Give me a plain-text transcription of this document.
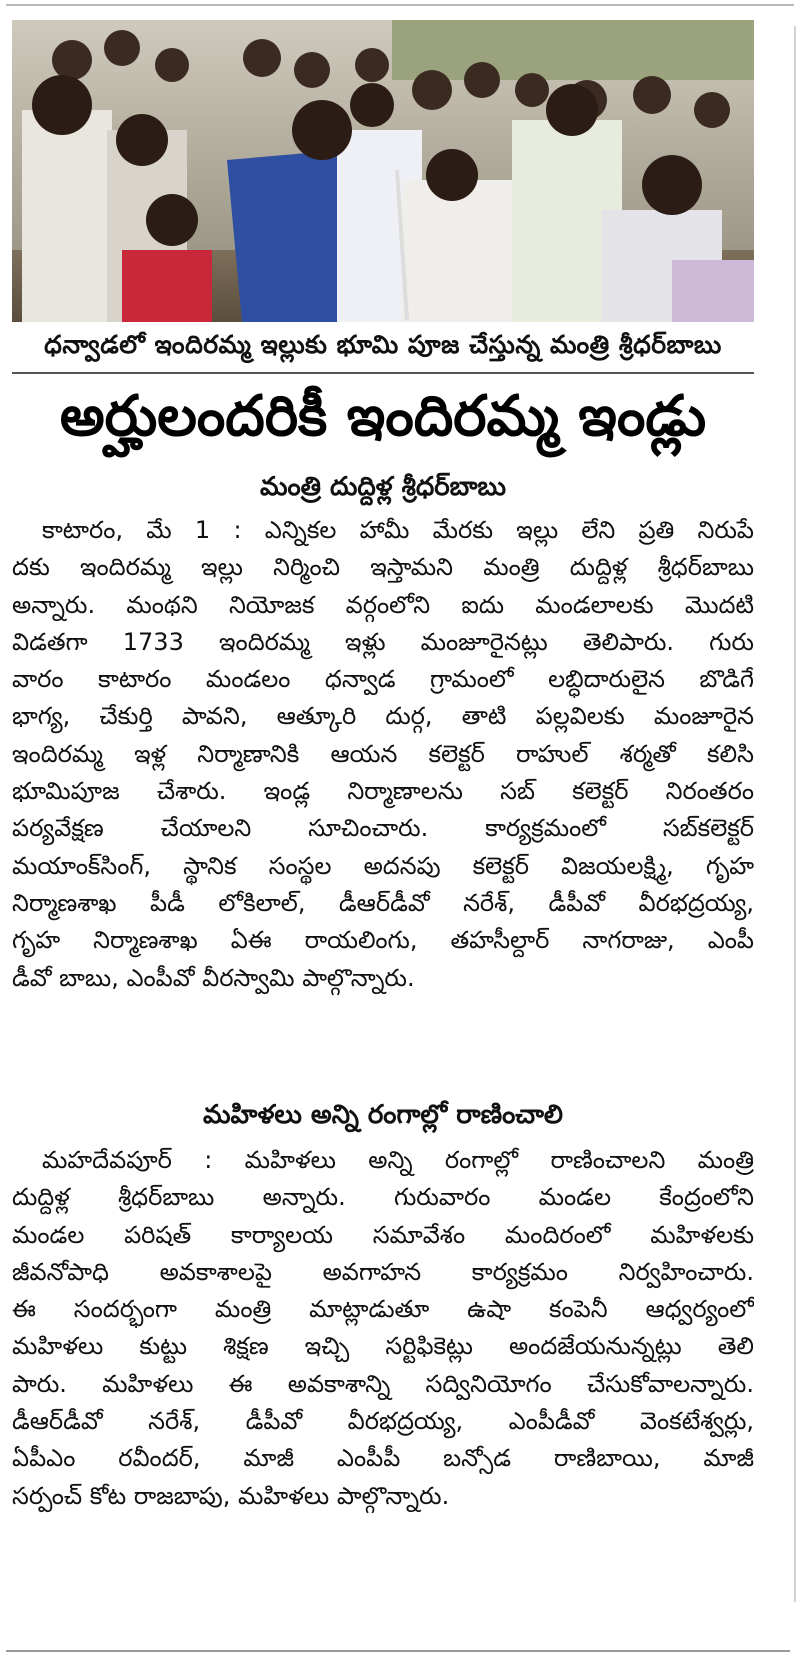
ధన్వాడలో ఇందిరమ్మ ఇల్లుకు భూమి పూజ చేస్తున్న మంత్రి శ్రీధర్‌బాబు
అర్హులందరికీ ఇందిరమ్మ ఇండ్లు
మంత్రి దుద్దిళ్ల శ్రీధర్‌బాబు
కాటారం, మే 1 : ఎన్నికల హామీ మేరకు ఇల్లు లేని ప్రతి నిరుపే
దకు ఇందిరమ్మ ఇల్లు నిర్మించి ఇస్తామని మంత్రి దుద్దిళ్ల శ్రీధర్‌బాబు
అన్నారు. మంథని నియోజక వర్గంలోని ఐదు మండలాలకు మొదటి
విడతగా 1733 ఇందిరమ్మ ఇళ్లు మంజూరైనట్లు తెలిపారు. గురు
వారం కాటారం మండలం ధన్వాడ గ్రామంలో లబ్ధిదారులైన బొడిగే
భాగ్య, చేకుర్తి పావని, ఆత్కూరి దుర్గ, తాటి పల్లవిలకు మంజూరైన
ఇందిరమ్మ ఇళ్ల నిర్మాణానికి ఆయన కలెక్టర్ రాహుల్ శర్మతో కలిసి
భూమిపూజ చేశారు. ఇండ్ల నిర్మాణాలను సబ్ కలెక్టర్ నిరంతరం
పర్యవేక్షణ చేయాలని సూచించారు. కార్యక్రమంలో సబ్‌కలెక్టర్
మయాంక్‌సింగ్, స్థానిక సంస్థల అదనపు కలెక్టర్ విజయలక్ష్మి, గృహ
నిర్మాణశాఖ పీడీ లోకిలాల్, డీఆర్‌డీవో నరేశ్, డీపీవో వీరభద్రయ్య,
గృహ నిర్మాణశాఖ ఏఈ రాయలింగు, తహసీల్దార్ నాగరాజు, ఎంపీ
డీవో బాబు, ఎంపీవో వీరస్వామి పాల్గొన్నారు.
మహిళలు అన్ని రంగాల్లో రాణించాలి
మహదేవపూర్ : మహిళలు అన్ని రంగాల్లో రాణించాలని మంత్రి
దుద్దిళ్ల శ్రీధర్‌బాబు అన్నారు. గురువారం మండల కేంద్రంలోని
మండల పరిషత్ కార్యాలయ సమావేశం మందిరంలో మహిళలకు
జీవనోపాధి అవకాశాలపై అవగాహన కార్యక్రమం నిర్వహించారు.
ఈ సందర్భంగా మంత్రి మాట్లాడుతూ ఉషా కంపెనీ ఆధ్వర్యంలో
మహిళలు కుట్టు శిక్షణ ఇచ్చి సర్టిఫికెట్లు అందజేయనున్నట్లు తెలి
పారు. మహిళలు ఈ అవకాశాన్ని సద్వినియోగం చేసుకోవాలన్నారు.
డీఆర్‌డీవో నరేశ్, డీపీవో వీరభద్రయ్య, ఎంపీడీవో వెంకటేశ్వర్లు,
ఏపీఎం రవీందర్, మాజీ ఎంపీపీ బన్సోడ రాణిబాయి, మాజీ
సర్పంచ్ కోట రాజబాపు, మహిళలు పాల్గొన్నారు.
